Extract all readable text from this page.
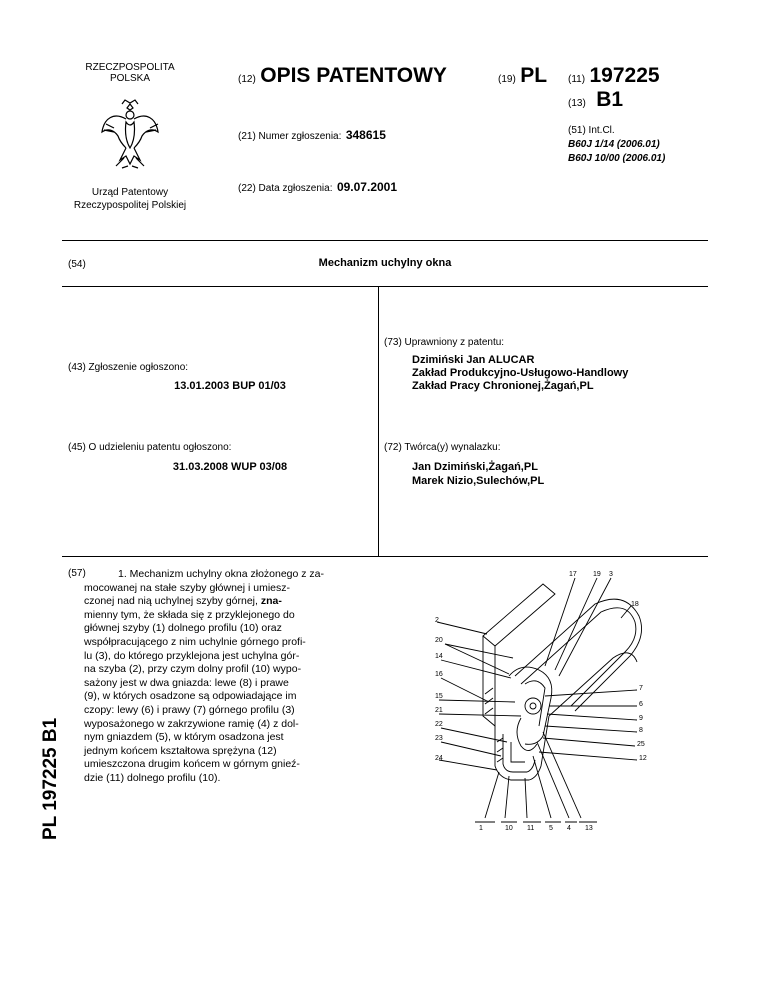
RZECZPOSPOLITA
POLSKA
Urząd Patentowy
Rzeczypospolitej Polskiej
(12) OPIS PATENTOWY	(19) PL (11) 197225
(13) B1
(21) Numer zgłoszenia: 348615
(22) Data zgłoszenia: 09.07.2001
(51) Int.Cl.
B60J 1/14 (2006.01)
B60J 10/00 (2006.01)
(54)	Mechanizm uchylny okna
(43) Zgłoszenie ogłoszono:
13.01.2003 BUP 01/03
(45) O udzieleniu patentu ogłoszono:
31.03.2008 WUP 03/08
(73) Uprawniony z patentu:
Dzimiński Jan ALUCAR
Zakład Produkcyjno-Usługowo-Handlowy
Zakład Pracy Chronionej,Żagań,PL
(72) Twórca(y) wynalazku:
Jan Dzimiński,Żagań,PL
Marek Nizio,Sulechów,PL
PL 197225 B1
(57)	1. Mechanizm uchylny okna złożonego z za-

mocowanej na stałe szyby głównej i umiesz-

czonej nad nią uchylnej szyby górnej, zna-

mienny tym, że składa się z przyklejonego do

głównej szyby (1) dolnego profilu (10) oraz

współpracującego z nim uchylnie górnego profi-

lu (3), do którego przyklejona jest uchylna gór-

na szyba (2), przy czym dolny profil (10) wypo-

sażony jest w dwa gniazda: lewe (8) i prawe

(9), w których osadzone są odpowiadające im

czopy: lewy (6) i prawy (7) górnego profilu (3)

wyposażonego w zakrzywione ramię (4) z dol-

nym gniazdem (5), w którym osadzona jest

jednym końcem kształtowa sprężyna (12)

umieszczona drugim końcem w górnym gnieź-

dzie (11) dolnego profilu (10).

17 19 3
18
2
20
14
16
15
21
22
23
24
7
6
9
8
25
12
1	10 11 5 4 13
